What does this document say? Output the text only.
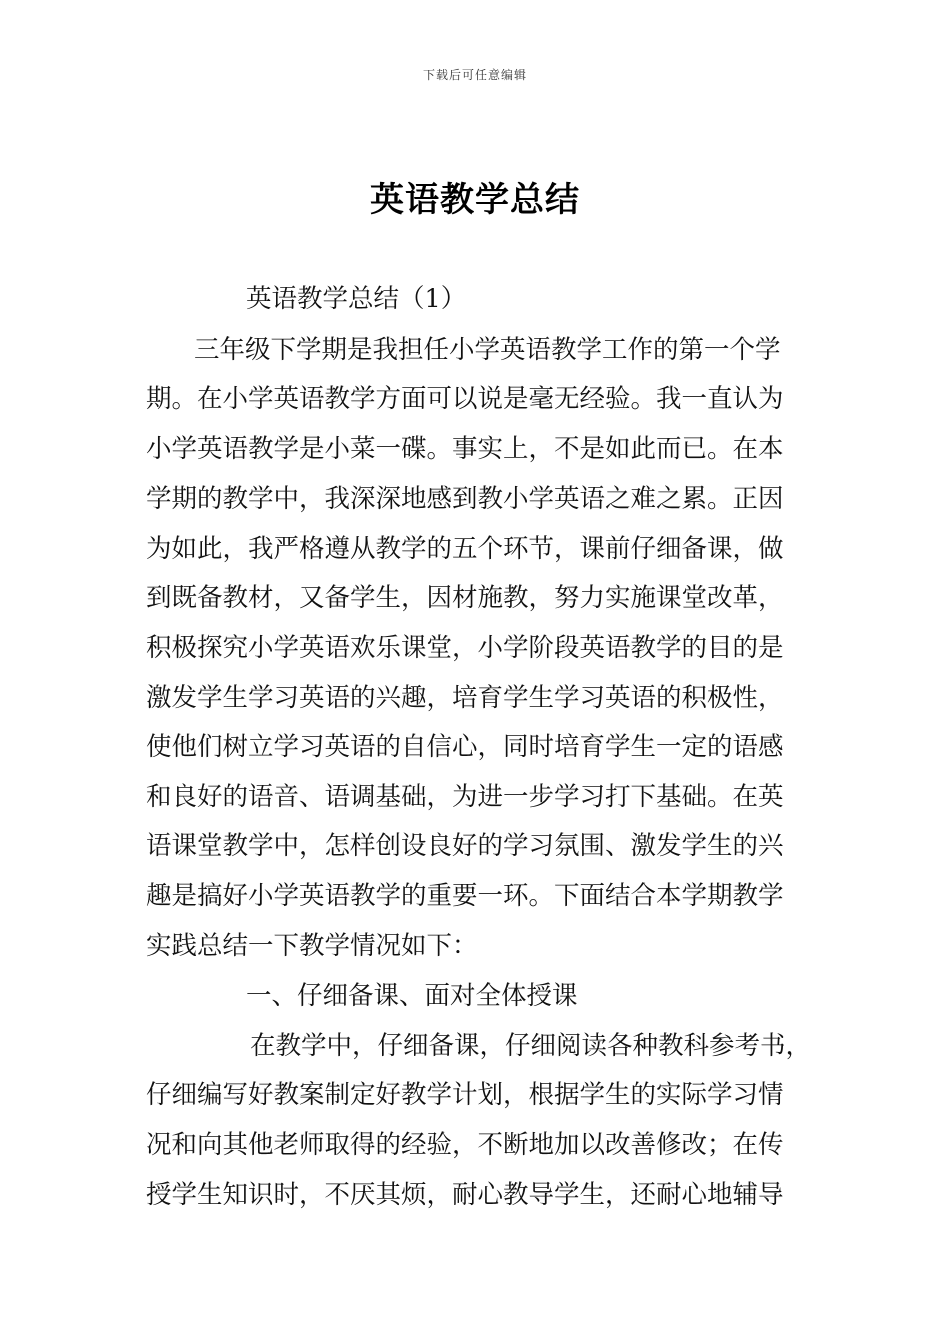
下载后可任意编辑
英语教学总结
英语教学总结（1）
三年级下学期是我担任小学英语教学工作的第一个学
期。在小学英语教学方面可以说是毫无经验。我一直认为
小学英语教学是小菜一碟。事实上，不是如此而已。在本
学期的教学中，我深深地感到教小学英语之难之累。正因
为如此，我严格遵从教学的五个环节，课前仔细备课，做
到既备教材，又备学生，因材施教，努力实施课堂改革，
积极探究小学英语欢乐课堂，小学阶段英语教学的目的是
激发学生学习英语的兴趣，培育学生学习英语的积极性，
使他们树立学习英语的自信心，同时培育学生一定的语感
和良好的语音、语调基础，为进一步学习打下基础。在英
语课堂教学中，怎样创设良好的学习氛围、激发学生的兴
趣是搞好小学英语教学的重要一环。下面结合本学期教学
实践总结一下教学情况如下：
一、仔细备课、面对全体授课
在教学中，仔细备课，仔细阅读各种教科参考书，
仔细编写好教案制定好教学计划，根据学生的实际学习情
况和向其他老师取得的经验，不断地加以改善修改；在传
授学生知识时，不厌其烦，耐心教导学生，还耐心地辅导
